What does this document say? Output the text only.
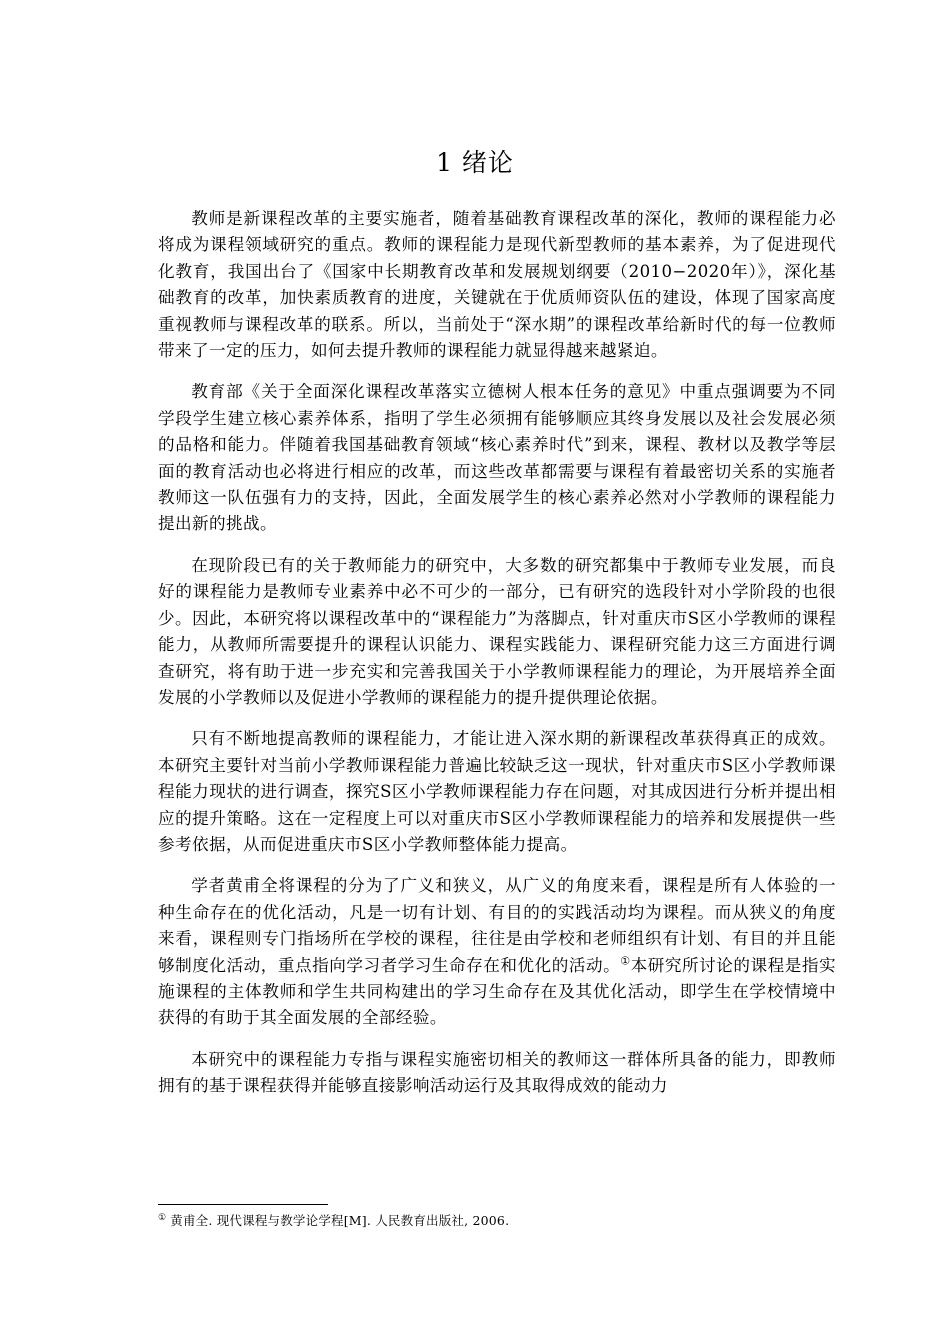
1 绪论

教师是新课程改革的主要实施者，随着基础教育课程改革的深化，教师的课程能力必将成为课程领域研究的重点。教师的课程能力是现代新型教师的基本素养，为了促进现代化教育，我国出台了《国家中长期教育改革和发展规划纲要（2010−2020年）》，深化基础教育的改革，加快素质教育的进度，关键就在于优质师资队伍的建设，体现了国家高度重视教师与课程改革的联系。所以，当前处于“深水期”的课程改革给新时代的每一位教师带来了一定的压力，如何去提升教师的课程能力就显得越来越紧迫。

教育部《关于全面深化课程改革落实立德树人根本任务的意见》中重点强调要为不同学段学生建立核心素养体系，指明了学生必须拥有能够顺应其终身发展以及社会发展必须的品格和能力。伴随着我国基础教育领域“核心素养时代”到来，课程、教材以及教学等层面的教育活动也必将进行相应的改革，而这些改革都需要与课程有着最密切关系的实施者教师这一队伍强有力的支持，因此，全面发展学生的核心素养必然对小学教师的课程能力提出新的挑战。

在现阶段已有的关于教师能力的研究中，大多数的研究都集中于教师专业发展，而良好的课程能力是教师专业素养中必不可少的一部分，已有研究的选段针对小学阶段的也很少。因此，本研究将以课程改革中的“课程能力”为落脚点，针对重庆市S区小学教师的课程能力，从教师所需要提升的课程认识能力、课程实践能力、课程研究能力这三方面进行调查研究，将有助于进一步充实和完善我国关于小学教师课程能力的理论，为开展培养全面发展的小学教师以及促进小学教师的课程能力的提升提供理论依据。

只有不断地提高教师的课程能力，才能让进入深水期的新课程改革获得真正的成效。本研究主要针对当前小学教师课程能力普遍比较缺乏这一现状，针对重庆市S区小学教师课程能力现状的进行调查，探究S区小学教师课程能力存在问题，对其成因进行分析并提出相应的提升策略。这在一定程度上可以对重庆市S区小学教师课程能力的培养和发展提供一些参考依据，从而促进重庆市S区小学教师整体能力提高。

学者黄甫全将课程的分为了广义和狭义，从广义的角度来看，课程是所有人体验的一种生命存在的优化活动，凡是一切有计划、有目的的实践活动均为课程。而从狭义的角度来看，课程则专门指场所在学校的课程，往往是由学校和老师组织有计划、有目的并且能够制度化活动，重点指向学习者学习生命存在和优化的活动。①本研究所讨论的课程是指实施课程的主体教师和学生共同构建出的学习生命存在及其优化活动，即学生在学校情境中获得的有助于其全面发展的全部经验。

本研究中的课程能力专指与课程实施密切相关的教师这一群体所具备的能力，即教师拥有的基于课程获得并能够直接影响活动运行及其取得成效的能动力

① 黄甫全. 现代课程与教学论学程[M]. 人民教育出版社, 2006.
